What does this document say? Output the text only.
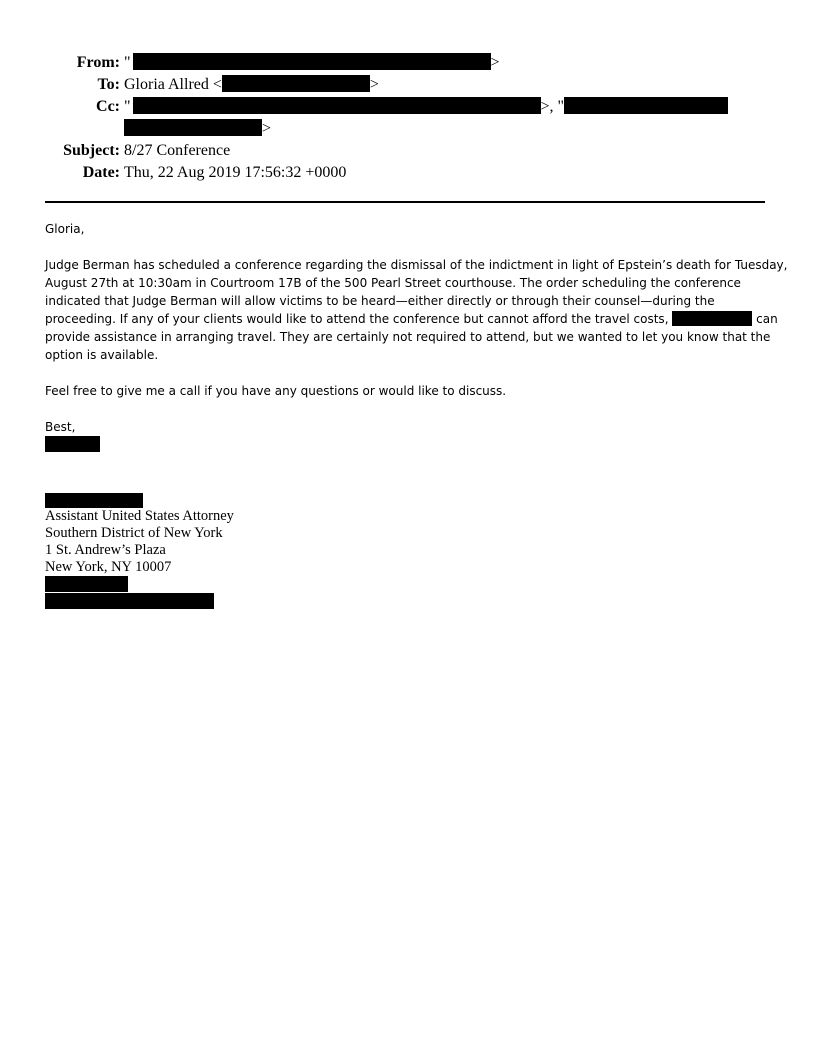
From: "	>
To: Gloria Allred <	>
Cc: "	>, "
>
Subject: 8/27 Conference
Date: Thu, 22 Aug 2019 17:56:32 +0000

Gloria,

Judge Berman has scheduled a conference regarding the dismissal of the indictment in light of Epstein’s death for Tuesday,
August 27th at 10:30am in Courtroom 17B of the 500 Pearl Street courthouse. The order scheduling the conference
indicated that Judge Berman will allow victims to be heard—either directly or through their counsel—during the
proceeding. If any of your clients would like to attend the conference but cannot afford the travel costs,	can
provide assistance in arranging travel. They are certainly not required to attend, but we wanted to let you know that the
option is available.

Feel free to give me a call if you have any questions or would like to discuss.

Best,

Assistant United States Attorney
Southern District of New York
1 St. Andrew’s Plaza
New York, NY 10007
